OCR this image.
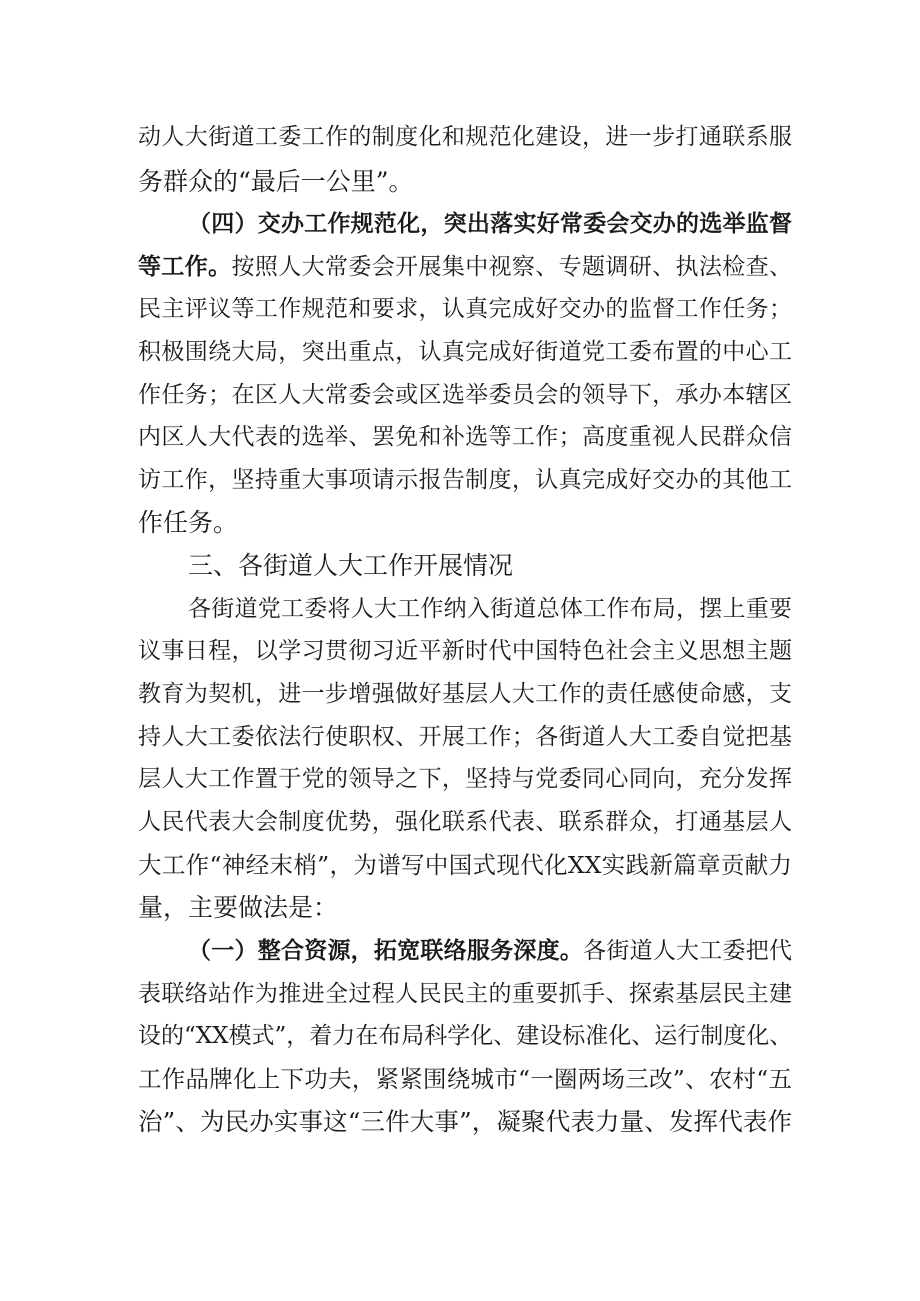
动人大街道工委工作的制度化和规范化建设，进一步打通联系服
务群众的“最后一公里”。
（四）交办工作规范化，突出落实好常委会交办的选举监督
等工作。按照人大常委会开展集中视察、专题调研、执法检查、
民主评议等工作规范和要求，认真完成好交办的监督工作任务；
积极围绕大局，突出重点，认真完成好街道党工委布置的中心工
作任务；在区人大常委会或区选举委员会的领导下，承办本辖区
内区人大代表的选举、罢免和补选等工作；高度重视人民群众信
访工作，坚持重大事项请示报告制度，认真完成好交办的其他工
作任务。
三、各街道人大工作开展情况
各街道党工委将人大工作纳入街道总体工作布局，摆上重要
议事日程，以学习贯彻习近平新时代中国特色社会主义思想主题
教育为契机，进一步增强做好基层人大工作的责任感使命感，支
持人大工委依法行使职权、开展工作；各街道人大工委自觉把基
层人大工作置于党的领导之下，坚持与党委同心同向，充分发挥
人民代表大会制度优势，强化联系代表、联系群众，打通基层人
大工作“神经末梢”，为谱写中国式现代化XX实践新篇章贡献力
量，主要做法是：
（一）整合资源，拓宽联络服务深度。各街道人大工委把代
表联络站作为推进全过程人民民主的重要抓手、探索基层民主建
设的“XX模式”，着力在布局科学化、建设标准化、运行制度化、
工作品牌化上下功夫，紧紧围绕城市“一圈两场三改”、农村“五
治”、为民办实事这“三件大事”，凝聚代表力量、发挥代表作
